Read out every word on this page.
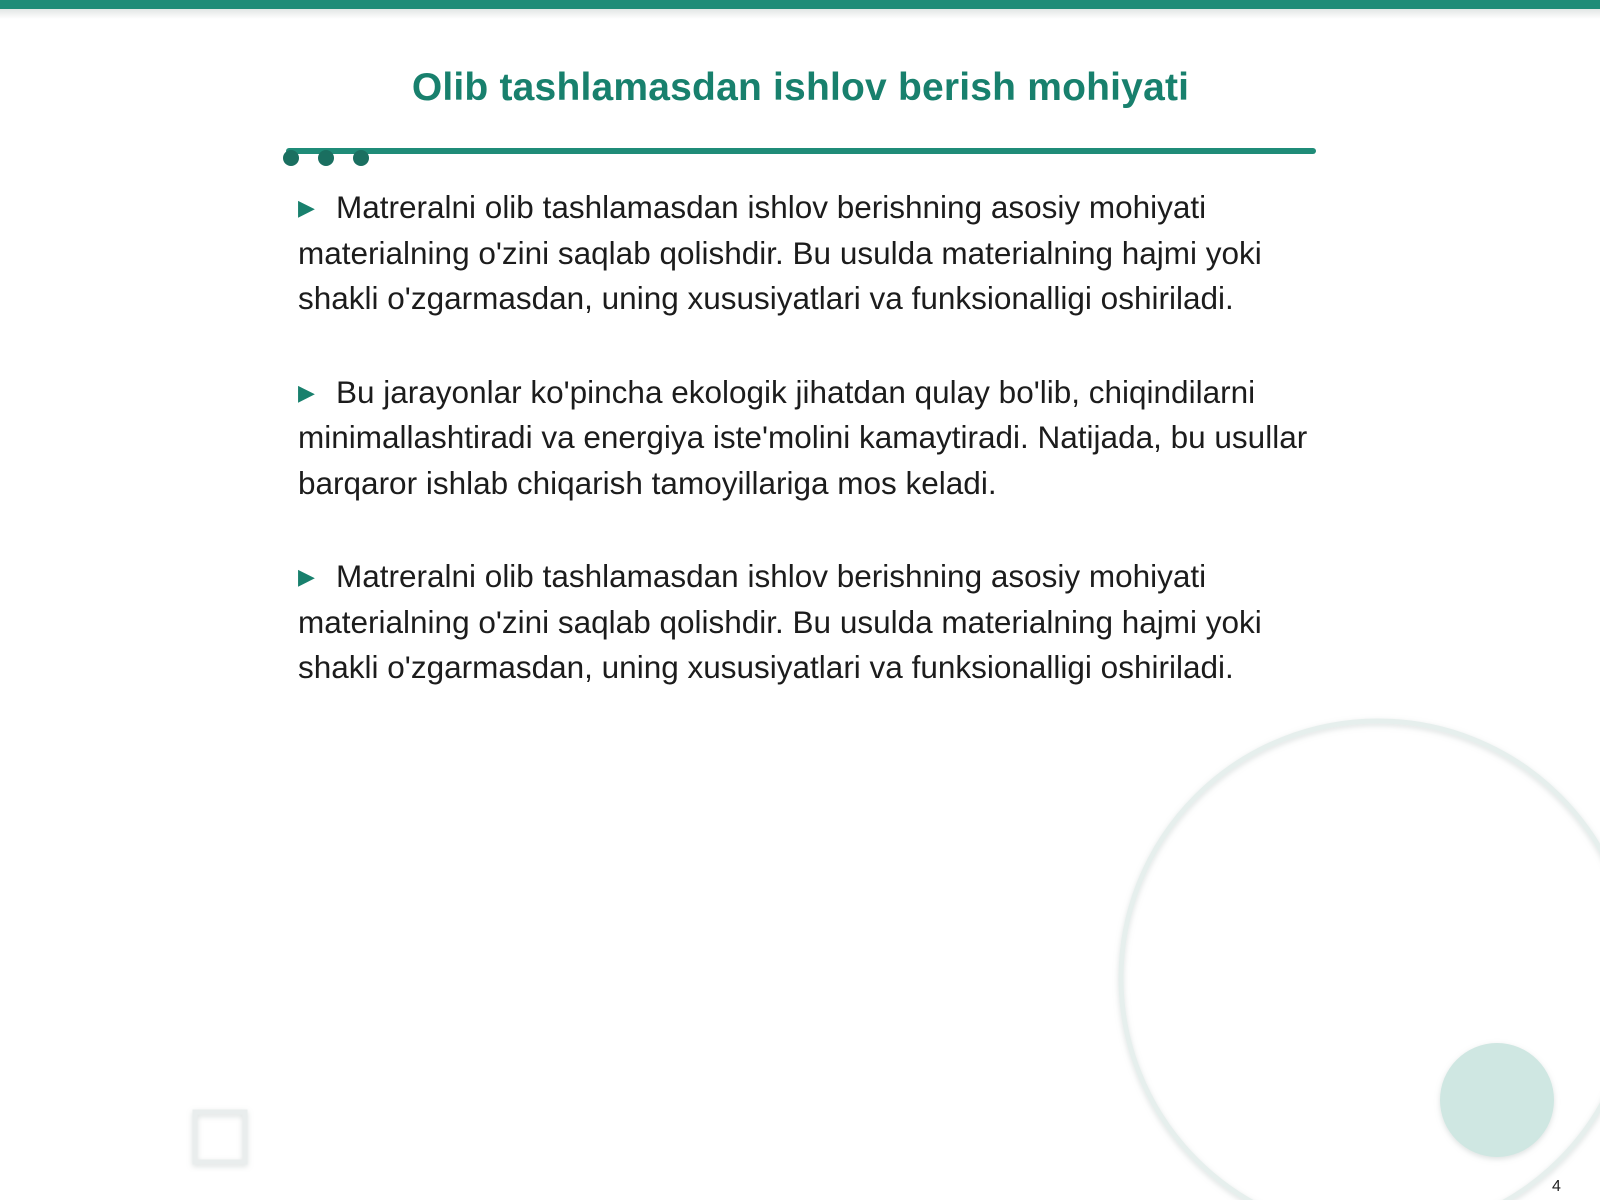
Olib tashlamasdan ishlov berish mohiyati

▶ Matreralni olib tashlamasdan ishlov berishning asosiy mohiyati materialning o'zini saqlab qolishdir. Bu usulda materialning hajmi yoki shakli o'zgarmasdan, uning xususiyatlari va funksionalligi oshiriladi.

▶ Bu jarayonlar ko'pincha ekologik jihatdan qulay bo'lib, chiqindilarni minimallashtiradi va energiya iste'molini kamaytiradi. Natijada, bu usullar barqaror ishlab chiqarish tamoyillariga mos keladi.

▶ Matreralni olib tashlamasdan ishlov berishning asosiy mohiyati materialning o'zini saqlab qolishdir. Bu usulda materialning hajmi yoki shakli o'zgarmasdan, uning xususiyatlari va funksionalligi oshiriladi.

4
